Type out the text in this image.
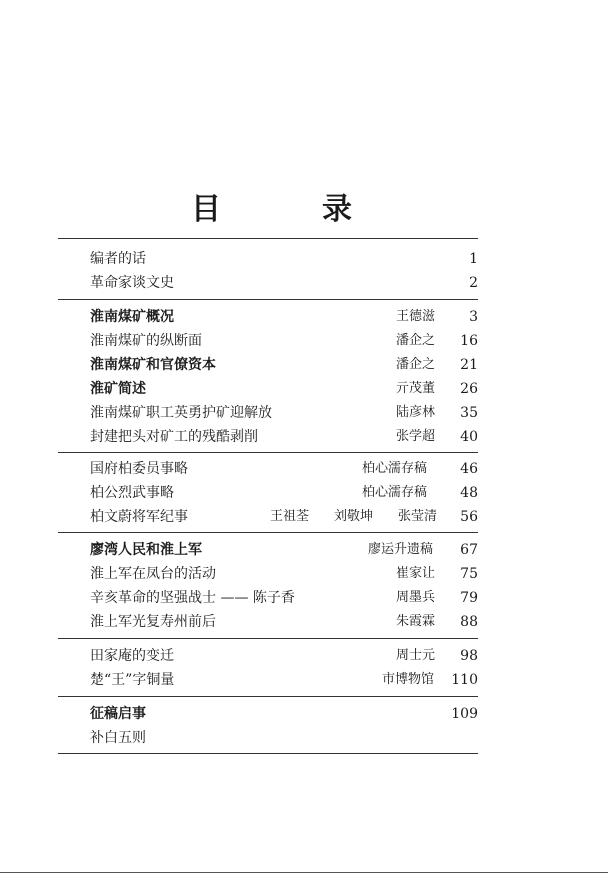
目	录
编者的话	1
革命家谈文史	2
淮南煤矿概况	王德滋 3
淮南煤矿的纵断面	潘企之 16
淮南煤矿和官僚资本	潘企之 21
淮矿简述	亓茂董 26
淮南煤矿职工英勇护矿迎解放	陆彦林 35
封建把头对矿工的残酷剥削	张学超 40
国府柏委员事略	柏心濡存稿 46
柏公烈武事略	柏心濡存稿 48
柏文蔚将军纪事	王祖荃 刘敬坤 张莹清 56
廖湾人民和淮上军	廖运升遗稿 67
淮上军在凤台的活动	崔家让 75
辛亥革命的坚强战士 —— 陈子香	周墨兵 79
淮上军光复寿州前后	朱霞霖 88
田家庵的变迁	周士元 98
楚“王”字铜量	市博物馆 110
征稿启事	109
补白五则
